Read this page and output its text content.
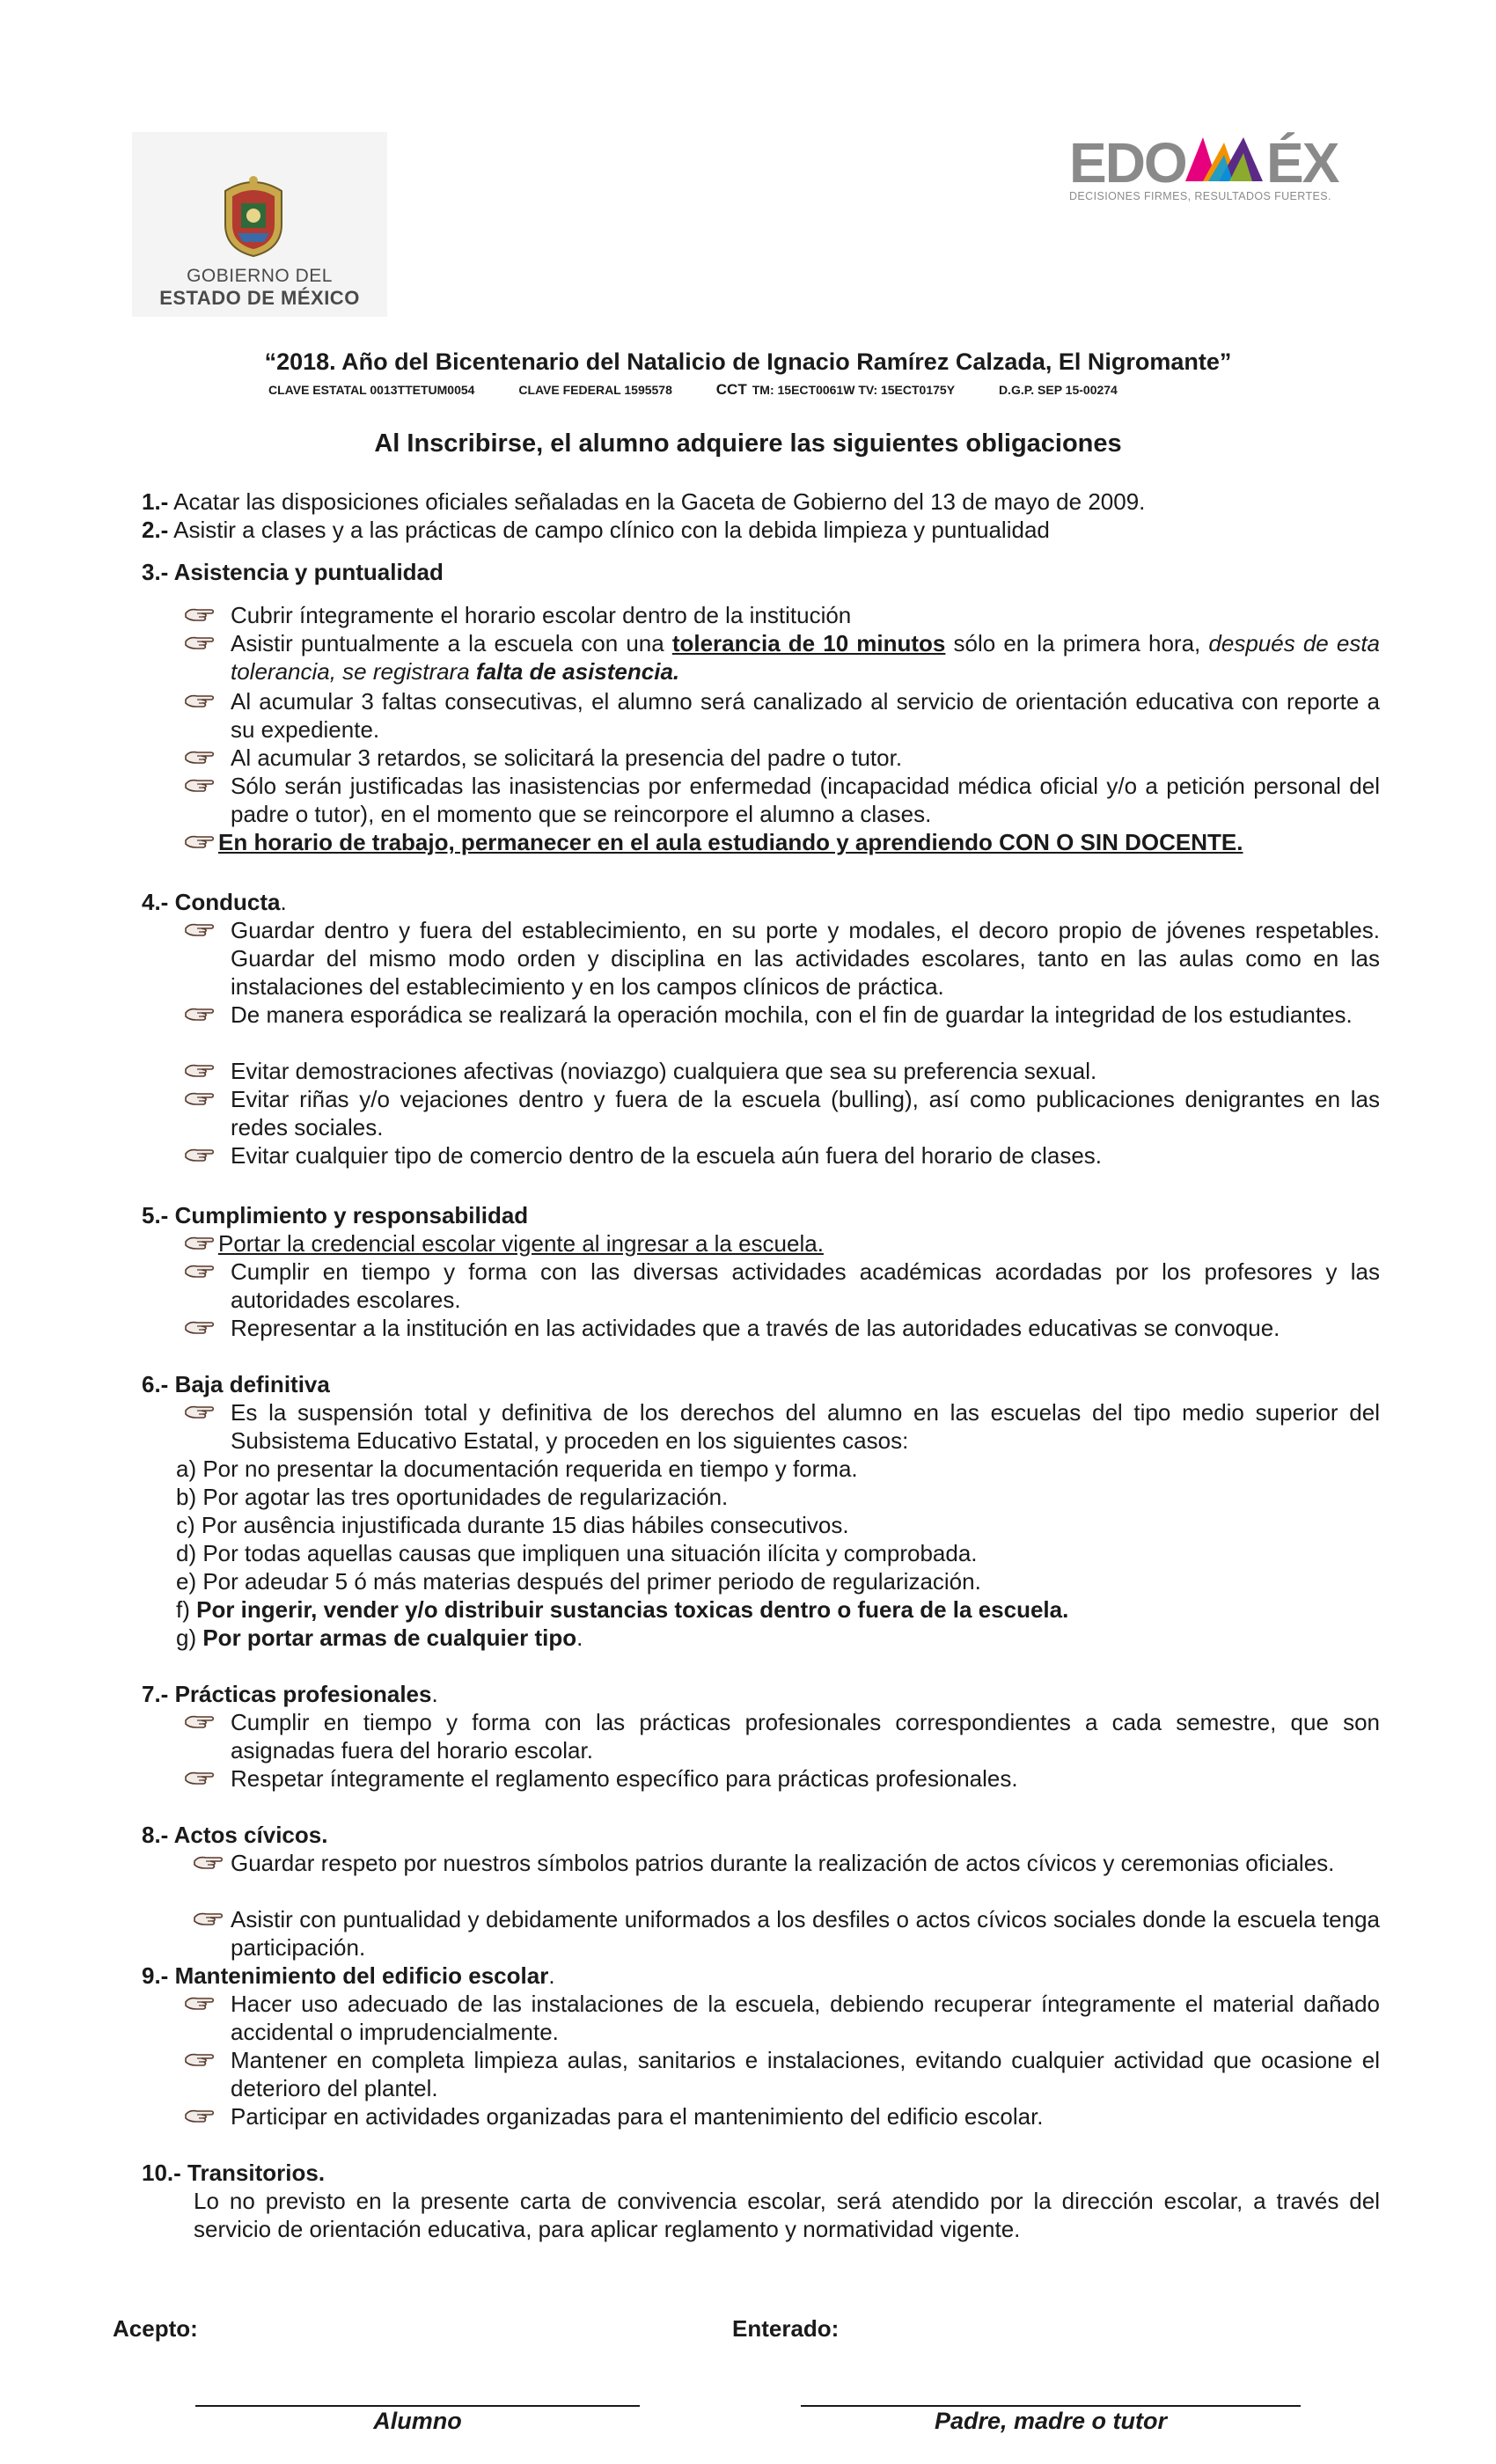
GOBIERNO DEL
ESTADO DE MÉXICO
EDO ÉX
DECISIONES FIRMES, RESULTADOS FUERTES.
“2018. Año del Bicentenario del Natalicio de Ignacio Ramírez Calzada, El Nigromante”
CLAVE ESTATAL 0013TTETUM0054	CLAVE FEDERAL 1595578	CCT TM: 15ECT0061W TV: 15ECT0175Y	D.G.P. SEP 15-00274
Al Inscribirse, el alumno adquiere las siguientes obligaciones
1.- Acatar las disposiciones oficiales señaladas en la Gaceta de Gobierno del 13 de mayo de 2009.
2.- Asistir a clases y a las prácticas de campo clínico con la debida limpieza y puntualidad
3.- Asistencia y puntualidad
Cubrir íntegramente el horario escolar dentro de la institución
Asistir puntualmente a la escuela con una tolerancia de 10 minutos sólo en la primera hora, después de esta tolerancia, se registrara falta de asistencia.
Al acumular 3 faltas consecutivas, el alumno será canalizado al servicio de orientación educativa con reporte a su expediente.
Al acumular 3 retardos, se solicitará la presencia del padre o tutor.
Sólo serán justificadas las inasistencias por enfermedad (incapacidad médica oficial y/o a petición personal del padre o tutor), en el momento que se reincorpore el alumno a clases.
En horario de trabajo, permanecer en el aula estudiando y aprendiendo CON O SIN DOCENTE.
4.- Conducta.
Guardar dentro y fuera del establecimiento, en su porte y modales, el decoro propio de jóvenes respetables. Guardar del mismo modo orden y disciplina en las actividades escolares, tanto en las aulas como en las instalaciones del establecimiento y en los campos clínicos de práctica.
De manera esporádica se realizará la operación mochila, con el fin de guardar la integridad de los estudiantes.
Evitar demostraciones afectivas (noviazgo) cualquiera que sea su preferencia sexual.
Evitar riñas y/o vejaciones dentro y fuera de la escuela (bulling), así como publicaciones denigrantes en las redes sociales.
Evitar cualquier tipo de comercio dentro de la escuela aún fuera del horario de clases.
5.- Cumplimiento y responsabilidad
Portar la credencial escolar vigente al ingresar a la escuela.
Cumplir en tiempo y forma con las diversas actividades académicas acordadas por los profesores y las autoridades escolares.
Representar a la institución en las actividades que a través de las autoridades educativas se convoque.
6.- Baja definitiva
Es la suspensión total y definitiva de los derechos del alumno en las escuelas del tipo medio superior del Subsistema Educativo Estatal, y proceden en los siguientes casos:
a) Por no presentar la documentación requerida en tiempo y forma.
b) Por agotar las tres oportunidades de regularización.
c) Por ausência injustificada durante 15 dias hábiles consecutivos.
d) Por todas aquellas causas que impliquen una situación ilícita y comprobada.
e) Por adeudar 5 ó más materias después del primer periodo de regularización.
f) Por ingerir, vender y/o distribuir sustancias toxicas dentro o fuera de la escuela.
g) Por portar armas de cualquier tipo.
7.- Prácticas profesionales.
Cumplir en tiempo y forma con las prácticas profesionales correspondientes a cada semestre, que son asignadas fuera del horario escolar.
Respetar íntegramente el reglamento específico para prácticas profesionales.
8.- Actos cívicos.
Guardar respeto por nuestros símbolos patrios durante la realización de actos cívicos y ceremonias oficiales.
Asistir con puntualidad y debidamente uniformados a los desfiles o actos cívicos sociales donde la escuela tenga participación.
9.- Mantenimiento del edificio escolar.
Hacer uso adecuado de las instalaciones de la escuela, debiendo recuperar íntegramente el material dañado accidental o imprudencialmente.
Mantener en completa limpieza aulas, sanitarios e instalaciones, evitando cualquier actividad que ocasione el deterioro del plantel.
Participar en actividades organizadas para el mantenimiento del edificio escolar.
10.- Transitorios.
Lo no previsto en la presente carta de convivencia escolar, será atendido por la dirección escolar, a través del servicio de orientación educativa, para aplicar reglamento y normatividad vigente.
Acepto:	Enterado:
Alumno	Padre, madre o tutor
